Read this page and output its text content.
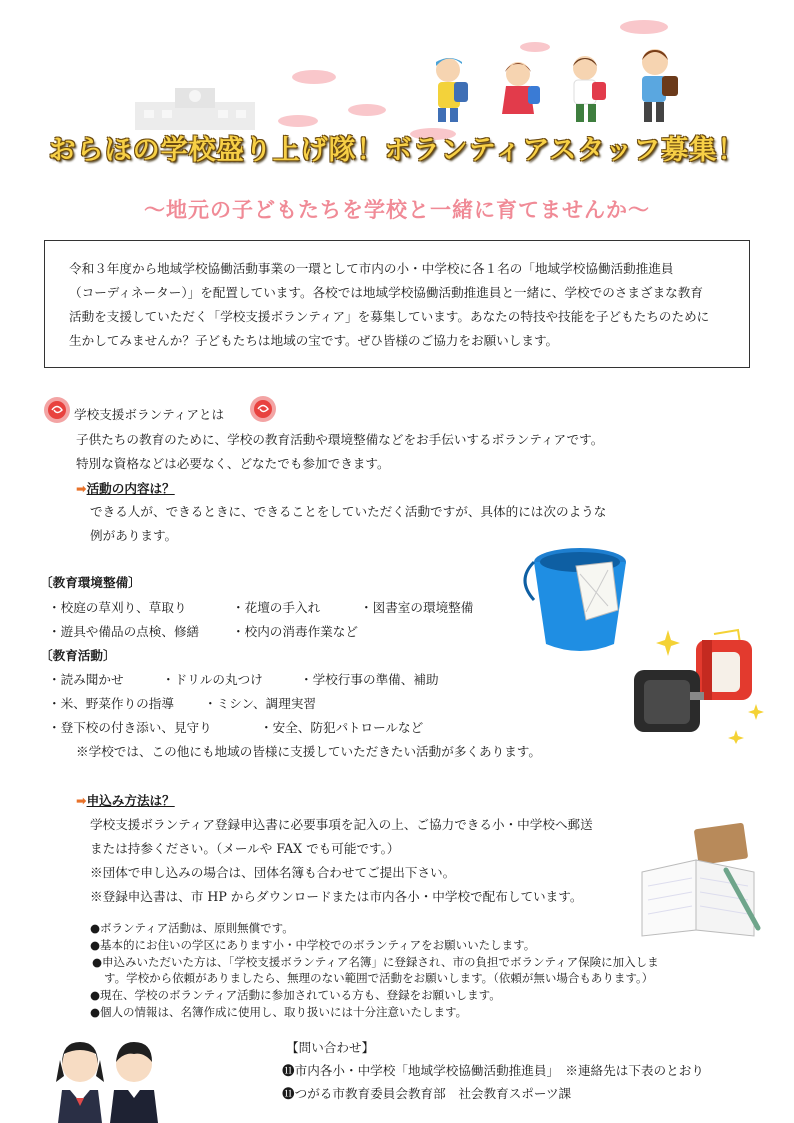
おらほの学校盛り上げ隊！ボランティアスタッフ募集！
～地元の子どもたちを学校と一緒に育てませんか～
令和３年度から地域学校協働活動事業の一環として市内の小・中学校に各１名の「地域学校協働活動推進員
（コーディネーター）」を配置しています。各校では地域学校協働活動推進員と一緒に、学校でのさまざまな教育
活動を支援していただく「学校支援ボランティア」を募集しています。あなたの特技や技能を子どもたちのために
生かしてみませんか？子どもたちは地域の宝です。ぜひ皆様のご協力をお願いします。
学校支援ボランティアとは
子供たちの教育のために、学校の教育活動や環境整備などをお手伝いするボランティアです。
特別な資格などは必要なく、どなたでも参加できます。
➡活動の内容は？
できる人が、できるときに、できることをしていただく活動ですが、具体的には次のような
例があります。
〔教育環境整備〕
・校庭の草刈り、草取り	・花壇の手入れ	・図書室の環境整備
・遊具や備品の点検、修繕	・校内の消毒作業など
〔教育活動〕
・読み聞かせ	・ドリルの丸つけ	・学校行事の準備、補助
・米、野菜作りの指導 ・ミシン、調理実習
・登下校の付き添い、見守り	・安全、防犯パトロールなど
※学校では、この他にも地域の皆様に支援していただきたい活動が多くあります。
➡申込み方法は？
学校支援ボランティア登録申込書に必要事項を記入の上、ご協力できる小・中学校へ郵送
または持参ください。（メールや FAX でも可能です。）
※団体で申し込みの場合は、団体名簿も合わせてご提出下さい。
※登録申込書は、市 HP からダウンロードまたは市内各小・中学校で配布しています。
●ボランティア活動は、原則無償です。
●基本的にお住いの学区にあります小・中学校でのボランティアをお願いいたします。
●申込みいただいた方は、「学校支援ボランティア名簿」に登録され、市の負担でボランティア保険に加入しま
す。学校から依頼がありましたら、無理のない範囲で活動をお願いします。（依頼が無い場合もあります。）
●現在、学校のボランティア活動に参加されている方も、登録をお願いします。
●個人の情報は、名簿作成に使用し、取り扱いには十分注意いたします。
【問い合わせ】
⓫市内各小・中学校「地域学校協働活動推進員」　※連絡先は下表のとおり
⓫つがる市教育委員会教育部　社会教育スポーツ課
